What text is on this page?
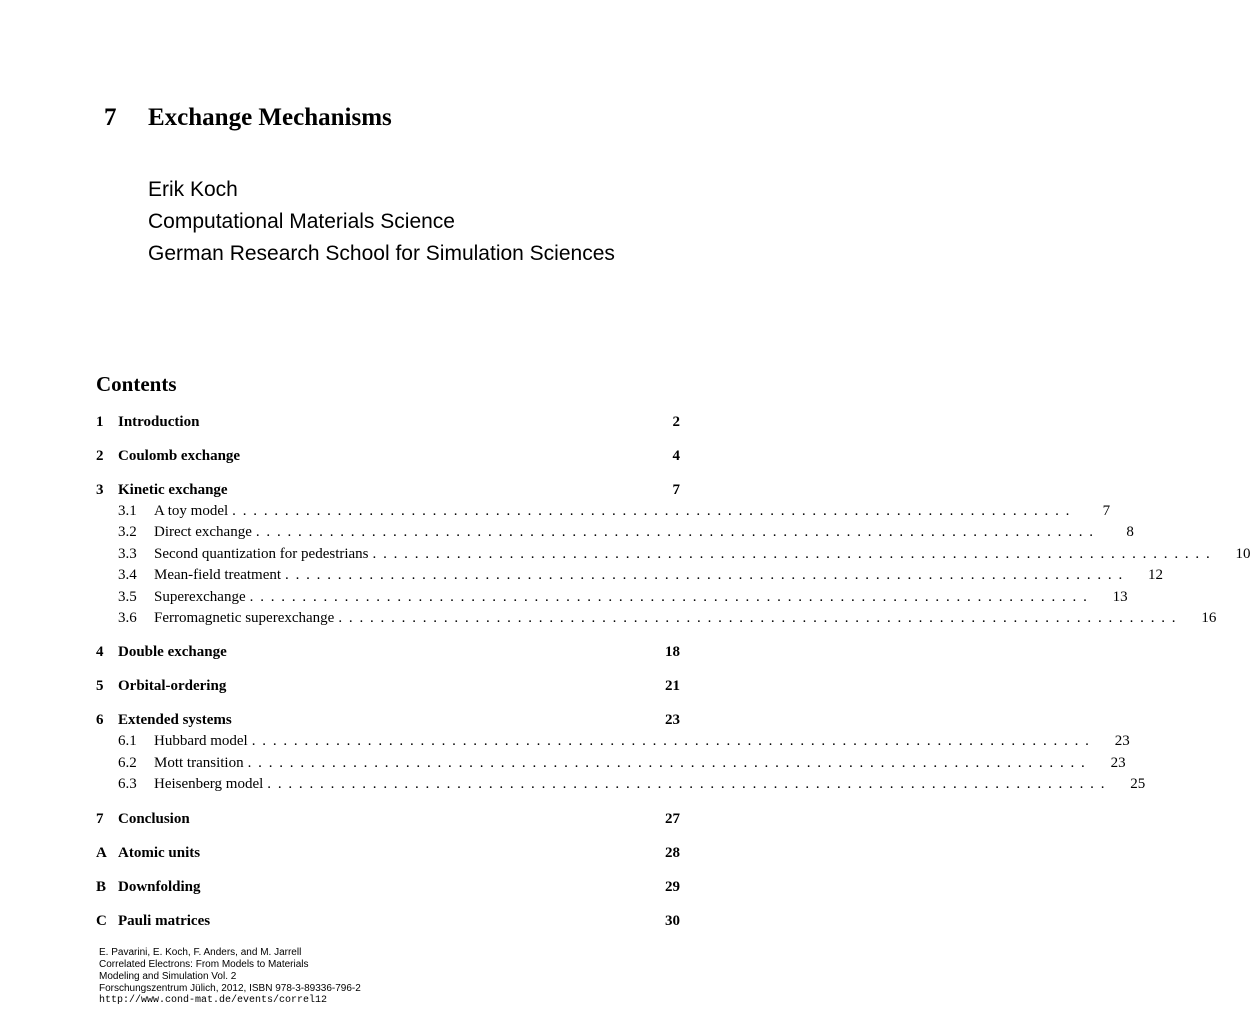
7 Exchange Mechanisms
Erik Koch
Computational Materials Science
German Research School for Simulation Sciences
Contents
1 Introduction	2
2 Coulomb exchange	4
3 Kinetic exchange	7
3.1	A toy model ................................................................................	7
3.2	Direct exchange ................................................................................	8
3.3	Second quantization for pedestrians ................................................................................	10
3.4	Mean-field treatment ................................................................................	12
3.5	Superexchange ................................................................................	13
3.6	Ferromagnetic superexchange ................................................................................	16
4 Double exchange	18
5 Orbital-ordering	21
6 Extended systems	23
6.1	Hubbard model ................................................................................	23
6.2	Mott transition ................................................................................	23
6.3	Heisenberg model ................................................................................	25
7 Conclusion	27
A Atomic units	28
B Downfolding	29
C Pauli matrices	30
E. Pavarini, E. Koch, F. Anders, and M. Jarrell
Correlated Electrons: From Models to Materials
Modeling and Simulation Vol. 2
Forschungszentrum Jülich, 2012, ISBN 978-3-89336-796-2
http://www.cond-mat.de/events/correl12
